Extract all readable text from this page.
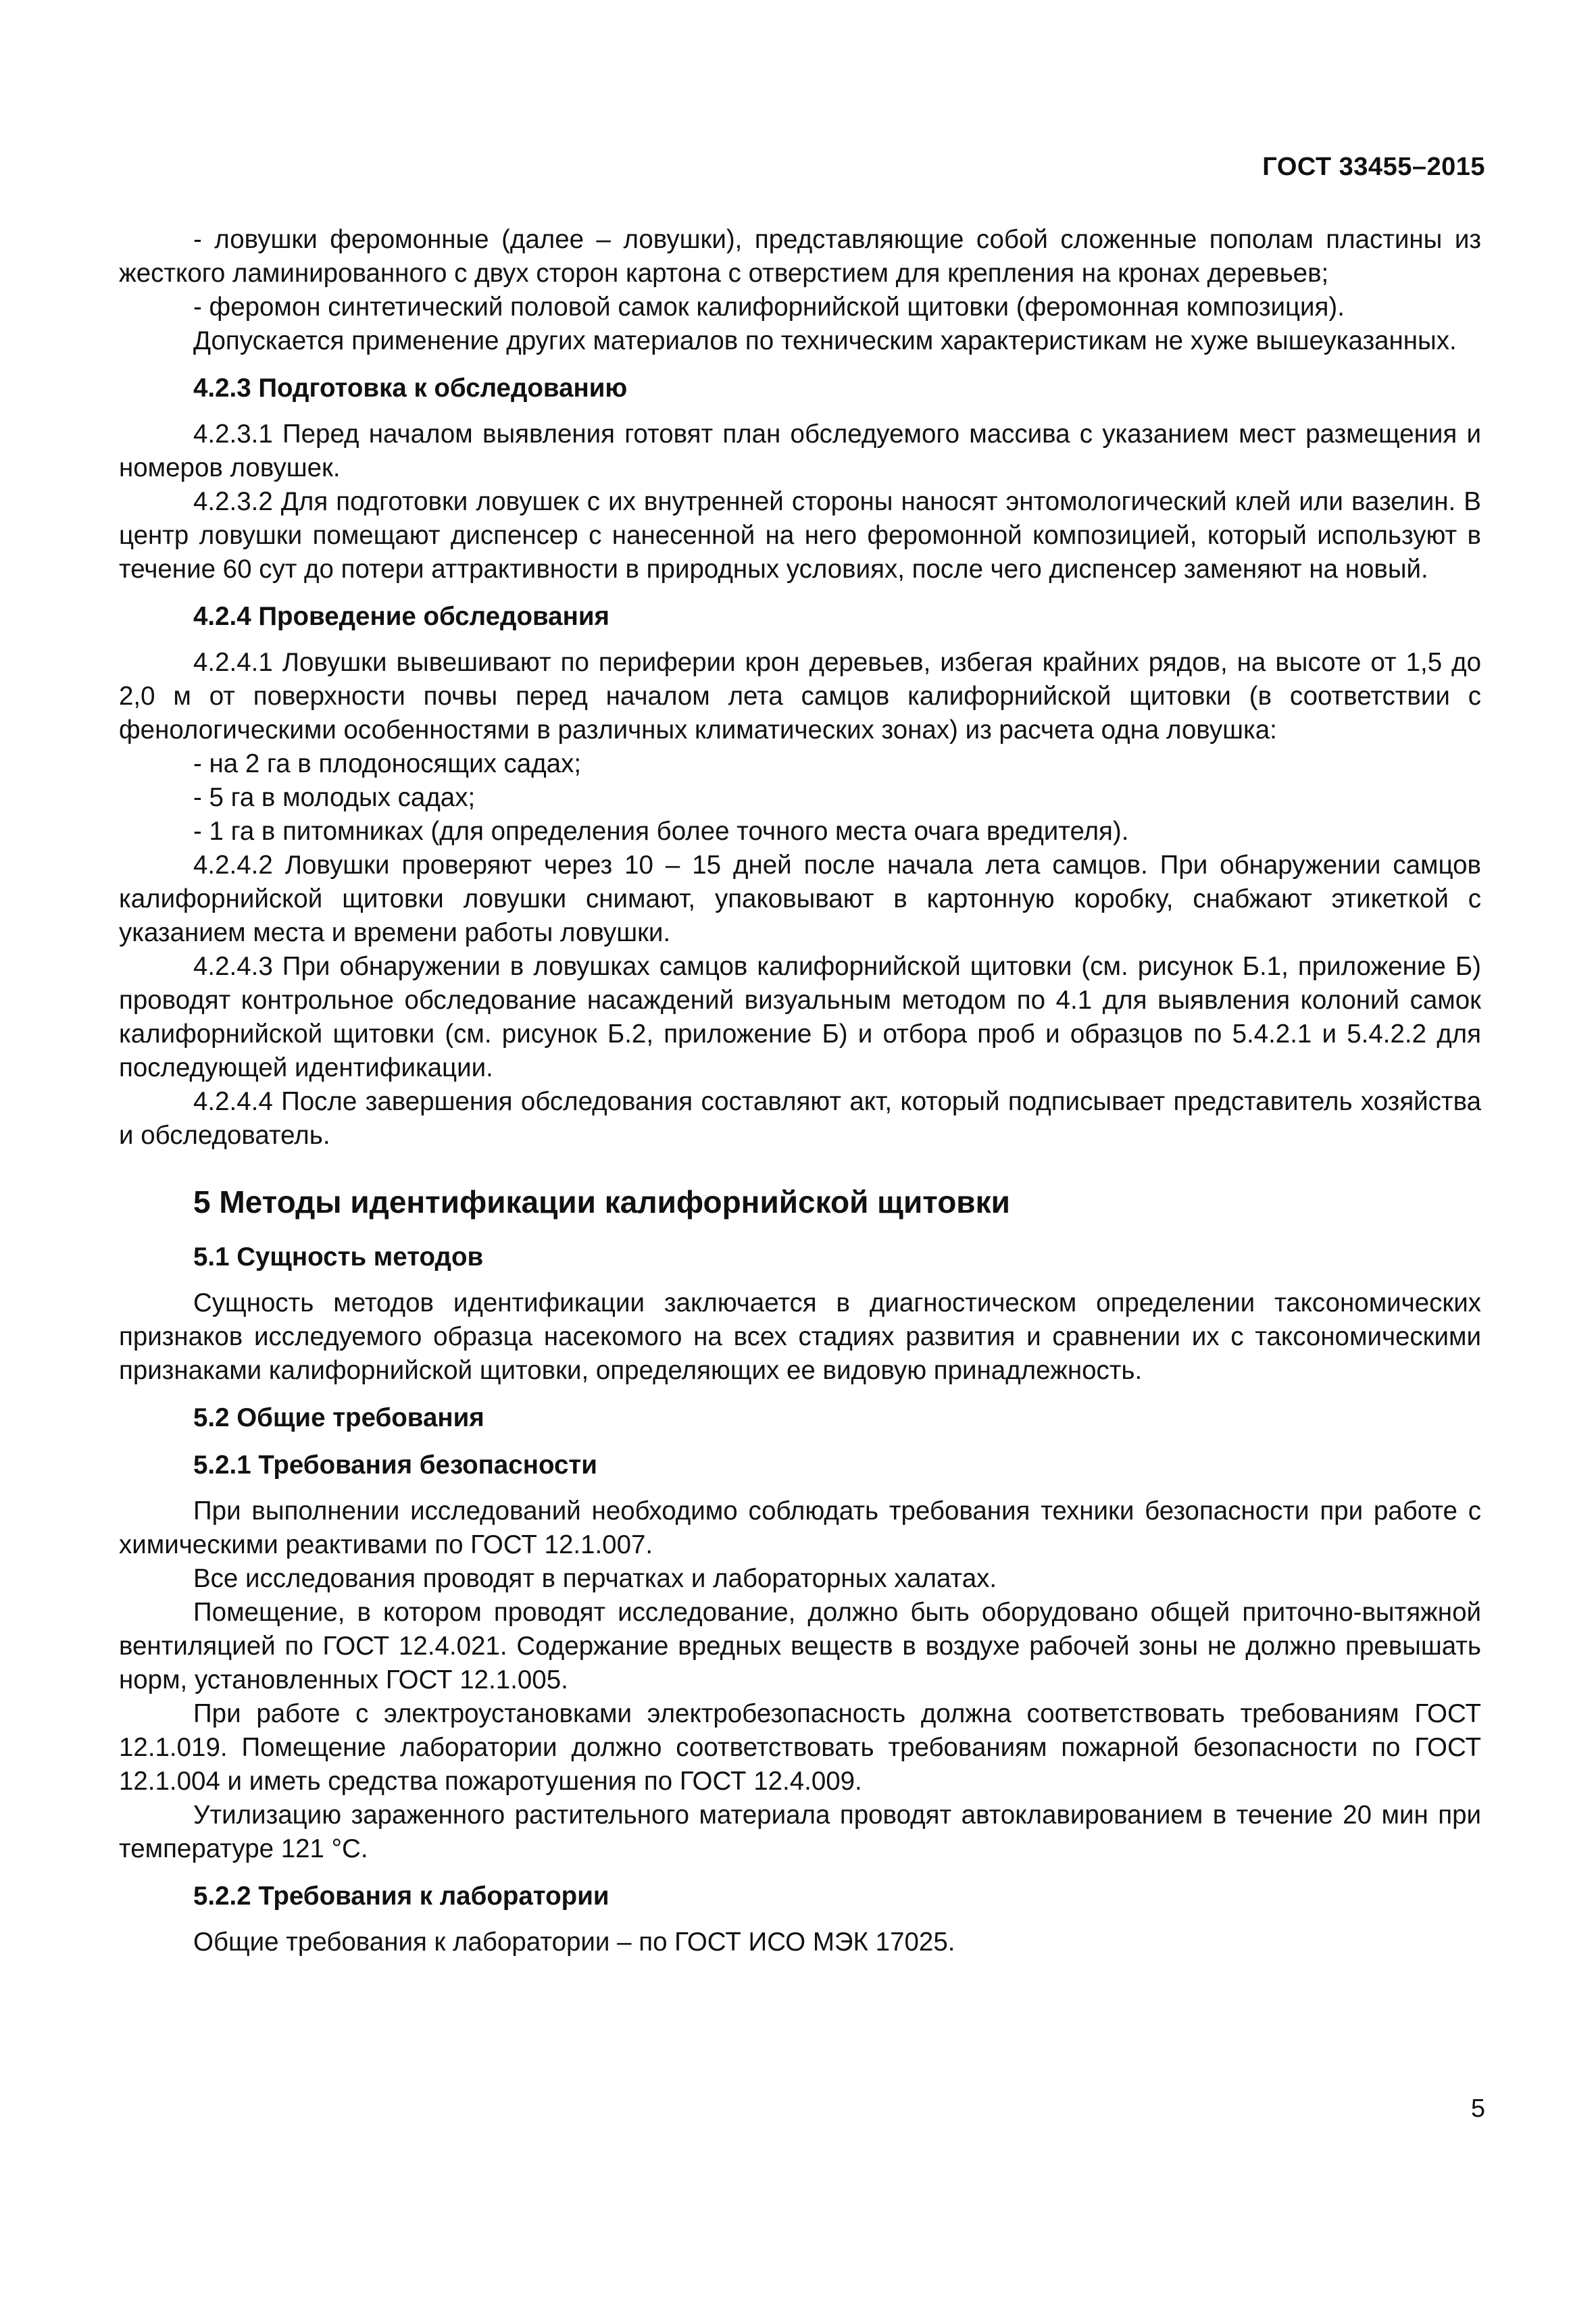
ГОСТ 33455–2015

- ловушки феромонные (далее – ловушки), представляющие собой сложенные пополам пластины из жесткого ламинированного с двух сторон картона с отверстием для крепления на кронах деревьев;

- феромон синтетический половой самок калифорнийской щитовки (феромонная композиция).

Допускается применение других материалов по техническим характеристикам не хуже вышеуказанных.

4.2.3 Подготовка к обследованию

4.2.3.1 Перед началом выявления готовят план обследуемого массива с указанием мест размещения и номеров ловушек.

4.2.3.2 Для подготовки ловушек с их внутренней стороны наносят энтомологический клей или вазелин. В центр ловушки помещают диспенсер с нанесенной на него феромонной композицией, который используют в течение 60 сут до потери аттрактивности в природных условиях, после чего диспенсер заменяют на новый.

4.2.4 Проведение обследования

4.2.4.1 Ловушки вывешивают по периферии крон деревьев, избегая крайних рядов, на высоте от 1,5 до 2,0 м от поверхности почвы перед началом лета самцов калифорнийской щитовки (в соответствии с фенологическими особенностями в различных климатических зонах) из расчета одна ловушка:

- на 2 га в плодоносящих садах;
- 5 га в молодых садах;
- 1 га в питомниках (для определения более точного места очага вредителя).

4.2.4.2 Ловушки проверяют через 10 – 15 дней после начала лета самцов. При обнаружении самцов калифорнийской щитовки ловушки снимают, упаковывают в картонную коробку, снабжают этикеткой с указанием места и времени работы ловушки.

4.2.4.3 При обнаружении в ловушках самцов калифорнийской щитовки (см. рисунок Б.1, приложение Б) проводят контрольное обследование насаждений визуальным методом по 4.1 для выявления колоний самок калифорнийской щитовки (см. рисунок Б.2, приложение Б) и отбора проб и образцов по 5.4.2.1 и 5.4.2.2 для последующей идентификации.

4.2.4.4 После завершения обследования составляют акт, который подписывает представитель хозяйства и обследователь.

5 Методы идентификации калифорнийской щитовки
5.1 Сущность методов

Сущность методов идентификации заключается в диагностическом определении таксономических признаков исследуемого образца насекомого на всех стадиях развития и сравнении их с таксономическими признаками калифорнийской щитовки, определяющих ее видовую принадлежность.

5.2 Общие требования
5.2.1 Требования безопасности

При выполнении исследований необходимо соблюдать требования техники безопасности при работе с химическими реактивами по ГОСТ 12.1.007.

Все исследования проводят в перчатках и лабораторных халатах.

Помещение, в котором проводят исследование, должно быть оборудовано общей приточно-вытяжной вентиляцией по ГОСТ 12.4.021. Содержание вредных веществ в воздухе рабочей зоны не должно превышать норм, установленных ГОСТ 12.1.005.

При работе с электроустановками электробезопасность должна соответствовать требованиям ГОСТ 12.1.019. Помещение лаборатории должно соответствовать требованиям пожарной безопасности по ГОСТ 12.1.004 и иметь средства пожаротушения по ГОСТ 12.4.009.

Утилизацию зараженного растительного материала проводят автоклавированием в течение 20 мин при температуре 121 °С.

5.2.2 Требования к лаборатории

Общие требования к лаборатории – по ГОСТ ИСО МЭК 17025.

5
